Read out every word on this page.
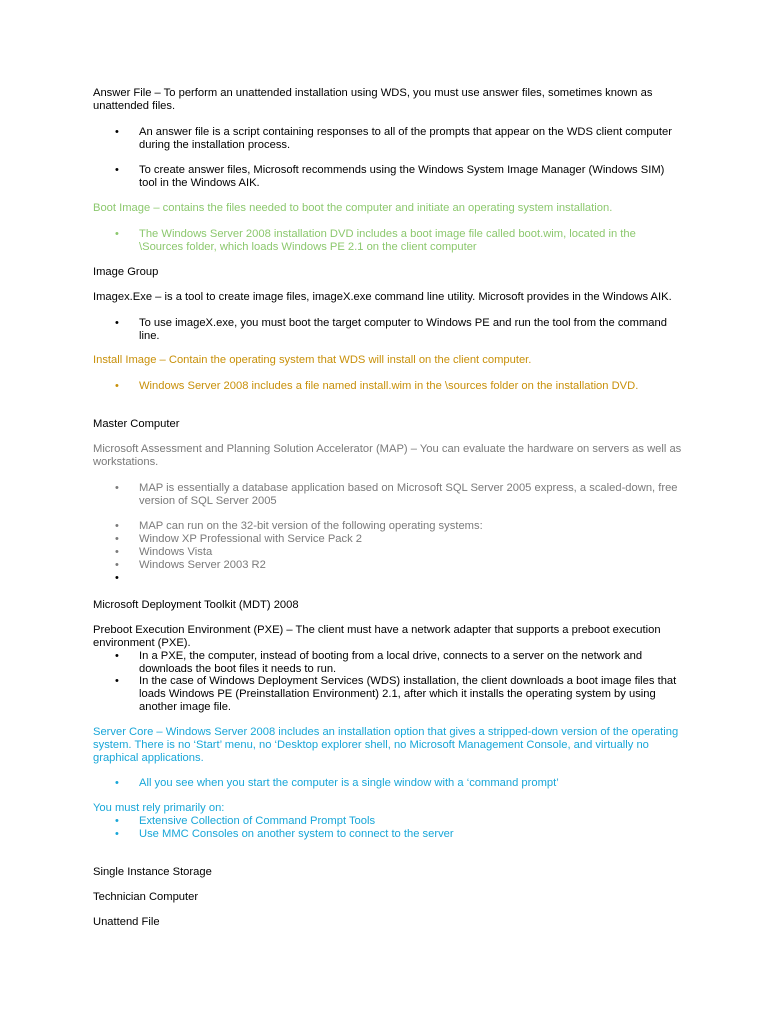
Answer File – To perform an unattended installation using WDS, you must use answer files, sometimes known as unattended files.

•	An answer file is a script containing responses to all of the prompts that appear on the WDS client computer during the installation process.
•	To create answer files, Microsoft recommends using the Windows System Image Manager (Windows SIM) tool in the Windows AIK.

Boot Image – contains the files needed to boot the computer and initiate an operating system installation.

•	The Windows Server 2008 installation DVD includes a boot image file called boot.wim, located in the \Sources folder, which loads Windows PE 2.1 on the client computer

Image Group

Imagex.Exe – is a tool to create image files, imageX.exe command line utility. Microsoft provides in the Windows AIK.

•	To use imageX.exe, you must boot the target computer to Windows PE and run the tool from the command line.

Install Image – Contain the operating system that WDS will install on the client computer.

•	Windows Server 2008 includes a file named install.wim in the \sources folder on the installation DVD.

Master Computer

Microsoft Assessment and Planning Solution Accelerator (MAP) – You can evaluate the hardware on servers as well as workstations.

•	MAP is essentially a database application based on Microsoft SQL Server 2005 express, a scaled-down, free version of SQL Server 2005
•	MAP can run on the 32-bit version of the following operating systems:
•	Window XP Professional with Service Pack 2
•	Windows Vista
•	Windows Server 2003 R2
•

Microsoft Deployment Toolkit (MDT) 2008

Preboot Execution Environment (PXE) – The client must have a network adapter that supports a preboot execution environment (PXE).

•	In a PXE, the computer, instead of booting from a local drive, connects to a server on the network and downloads the boot files it needs to run.
•	In the case of Windows Deployment Services (WDS) installation, the client downloads a boot image files that loads Windows PE (Preinstallation Environment) 2.1, after which it installs the operating system by using another image file.

Server Core – Windows Server 2008 includes an installation option that gives a stripped-down version of the operating system. There is no ‘Start’ menu, no ‘Desktop explorer shell, no Microsoft Management Console, and virtually no graphical applications.

•	All you see when you start the computer is a single window with a ‘command prompt’

You must rely primarily on:

•	Extensive Collection of Command Prompt Tools
•	Use MMC Consoles on another system to connect to the server

Single Instance Storage

Technician Computer

Unattend File
